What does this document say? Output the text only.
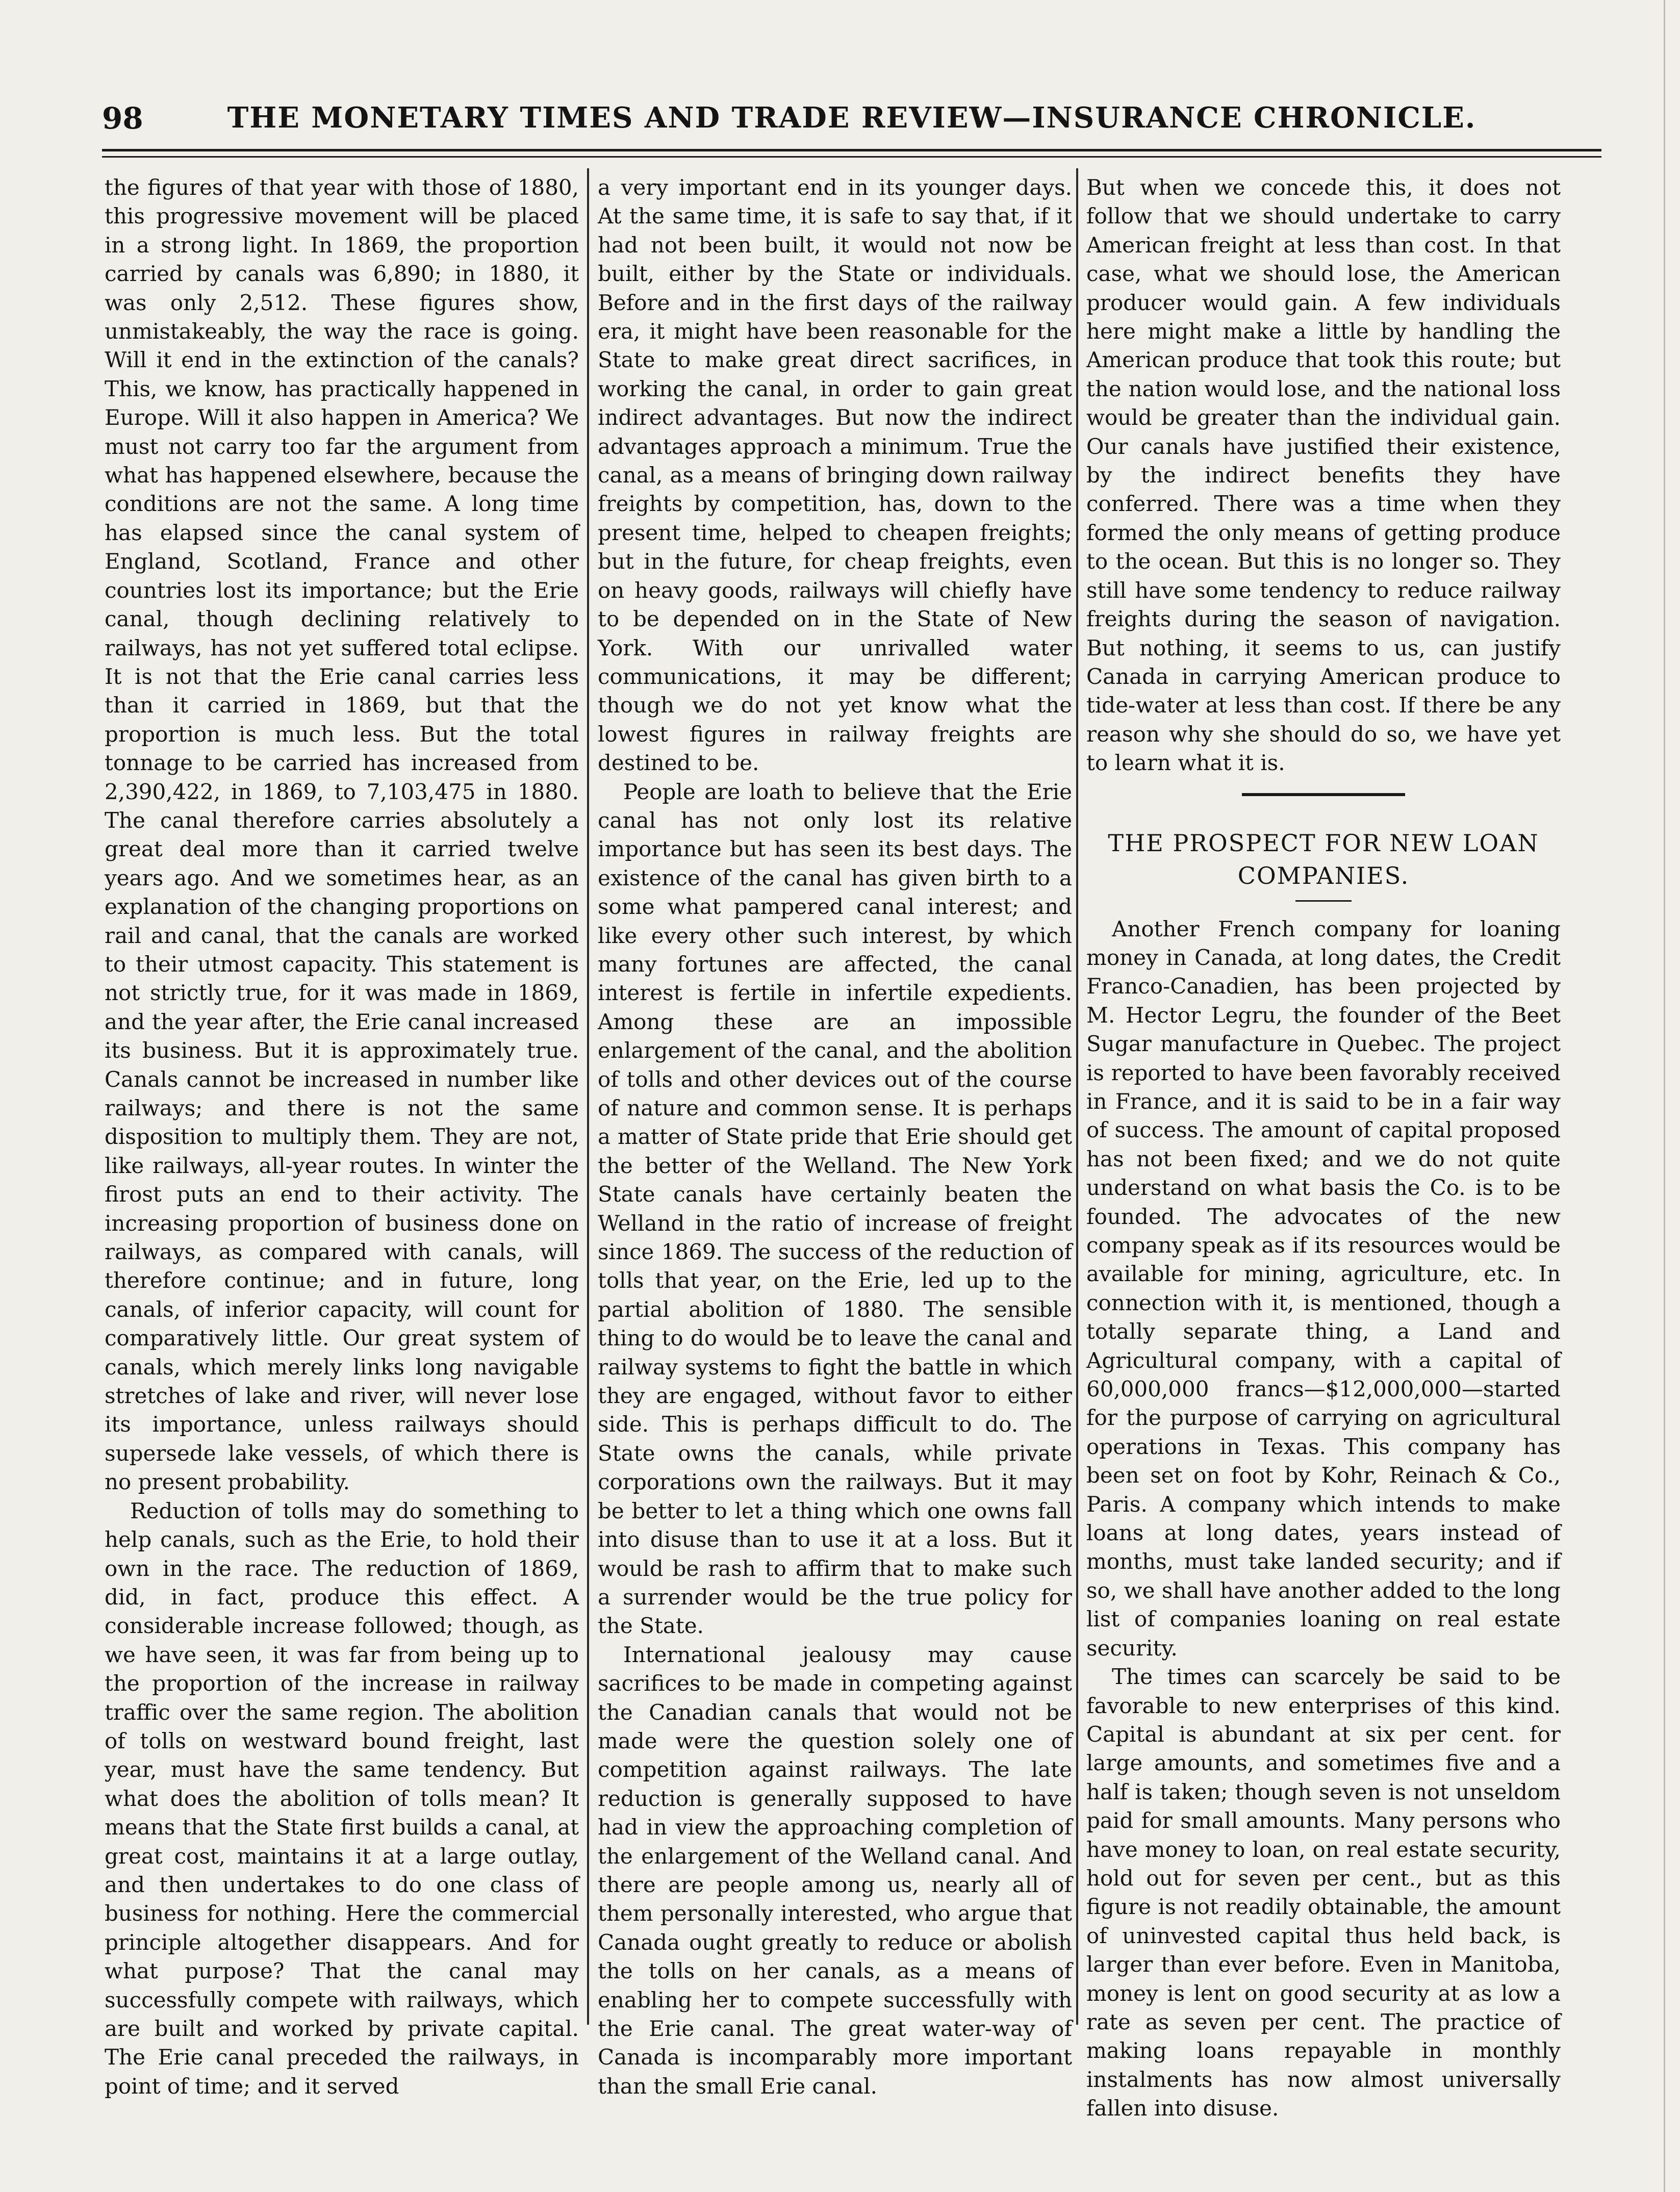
98	THE MONETARY TIMES AND TRADE REVIEW—INSURANCE CHRONICLE.

the figures of that year with those of 1880, this progressive movement will be placed in a strong light. In 1869, the proportion carried by canals was 6,890; in 1880, it was only 2,512. These figures show, unmistakeably, the way the race is going. Will it end in the extinction of the canals? This, we know, has practically happened in Europe. Will it also happen in America? We must not carry too far the argument from what has happened elsewhere, because the conditions are not the same. A long time has elapsed since the canal system of England, Scotland, France and other countries lost its importance; but the Erie canal, though declining relatively to railways, has not yet suffered total eclipse. It is not that the Erie canal carries less than it carried in 1869, but that the proportion is much less. But the total tonnage to be carried has increased from 2,390,422, in 1869, to 7,103,475 in 1880. The canal therefore carries absolutely a great deal more than it carried twelve years ago. And we sometimes hear, as an explanation of the changing proportions on rail and canal, that the canals are worked to their utmost capacity. This statement is not strictly true, for it was made in 1869, and the year after, the Erie canal increased its business. But it is approximately true. Canals cannot be increased in number like railways; and there is not the same disposition to multiply them. They are not, like railways, all-year routes. In winter the firost puts an end to their activity. The increasing proportion of business done on railways, as compared with canals, will therefore continue; and in future, long canals, of inferior capacity, will count for comparatively little. Our great system of canals, which merely links long navigable stretches of lake and river, will never lose its importance, unless railways should supersede lake vessels, of which there is no present probability.

Reduction of tolls may do something to help canals, such as the Erie, to hold their own in the race. The reduction of 1869, did, in fact, produce this effect. A considerable increase followed; though, as we have seen, it was far from being up to the proportion of the increase in railway traffic over the same region. The abolition of tolls on westward bound freight, last year, must have the same tendency. But what does the abolition of tolls mean? It means that the State first builds a canal, at great cost, maintains it at a large outlay, and then undertakes to do one class of business for nothing. Here the commercial principle altogether disappears. And for what purpose? That the canal may successfully compete with railways, which are built and worked by private capital. The Erie canal preceded the railways, in point of time; and it served

a very important end in its younger days. At the same time, it is safe to say that, if it had not been built, it would not now be built, either by the State or individuals. Before and in the first days of the railway era, it might have been reasonable for the State to make great direct sacrifices, in working the canal, in order to gain great indirect advantages. But now the indirect advantages approach a minimum. True the canal, as a means of bringing down railway freights by competition, has, down to the present time, helped to cheapen freights; but in the future, for cheap freights, even on heavy goods, railways will chiefly have to be depended on in the State of New York. With our unrivalled water communications, it may be different; though we do not yet know what the lowest figures in railway freights are destined to be.

People are loath to believe that the Erie canal has not only lost its relative importance but has seen its best days. The existence of the canal has given birth to a some what pampered canal interest; and like every other such interest, by which many fortunes are affected, the canal interest is fertile in infertile expedients. Among these are an impossible enlargement of the canal, and the abolition of tolls and other devices out of the course of nature and common sense. It is perhaps a matter of State pride that Erie should get the better of the Welland. The New York State canals have certainly beaten the Welland in the ratio of increase of freight since 1869. The success of the reduction of tolls that year, on the Erie, led up to the partial abolition of 1880. The sensible thing to do would be to leave the canal and railway systems to fight the battle in which they are engaged, without favor to either side. This is perhaps difficult to do. The State owns the canals, while private corporations own the railways. But it may be better to let a thing which one owns fall into disuse than to use it at a loss. But it would be rash to affirm that to make such a surrender would be the true policy for the State.

International jealousy may cause sacrifices to be made in competing against the Canadian canals that would not be made were the question solely one of competition against railways. The late reduction is generally supposed to have had in view the approaching completion of the enlargement of the Welland canal. And there are people among us, nearly all of them personally interested, who argue that Canada ought greatly to reduce or abolish the tolls on her canals, as a means of enabling her to compete successfully with the Erie canal. The great water-way of Canada is incomparably more important than the small Erie canal.

But when we concede this, it does not follow that we should undertake to carry American freight at less than cost. In that case, what we should lose, the American producer would gain. A few individuals here might make a little by handling the American produce that took this route; but the nation would lose, and the national loss would be greater than the individual gain. Our canals have justified their existence, by the indirect benefits they have conferred. There was a time when they formed the only means of getting produce to the ocean. But this is no longer so. They still have some tendency to reduce railway freights during the season of navigation. But nothing, it seems to us, can justify Canada in carrying American produce to tide-water at less than cost. If there be any reason why she should do so, we have yet to learn what it is.

THE PROSPECT FOR NEW LOAN COMPANIES.

Another French company for loaning money in Canada, at long dates, the Credit Franco-Canadien, has been projected by M. Hector Legru, the founder of the Beet Sugar manufacture in Quebec. The project is reported to have been favorably received in France, and it is said to be in a fair way of success. The amount of capital proposed has not been fixed; and we do not quite understand on what basis the Co. is to be founded. The advocates of the new company speak as if its resources would be available for mining, agriculture, etc. In connection with it, is mentioned, though a totally separate thing, a Land and Agricultural company, with a capital of 60,000,000 francs—$12,000,000—started for the purpose of carrying on agricultural operations in Texas. This company has been set on foot by Kohr, Reinach & Co., Paris. A company which intends to make loans at long dates, years instead of months, must take landed security; and if so, we shall have another added to the long list of companies loaning on real estate security.

The times can scarcely be said to be favorable to new enterprises of this kind. Capital is abundant at six per cent. for large amounts, and sometimes five and a half is taken; though seven is not unseldom paid for small amounts. Many persons who have money to loan, on real estate security, hold out for seven per cent., but as this figure is not readily obtainable, the amount of uninvested capital thus held back, is larger than ever before. Even in Manitoba, money is lent on good security at as low a rate as seven per cent. The practice of making loans repayable in monthly instalments has now almost universally fallen into disuse.
